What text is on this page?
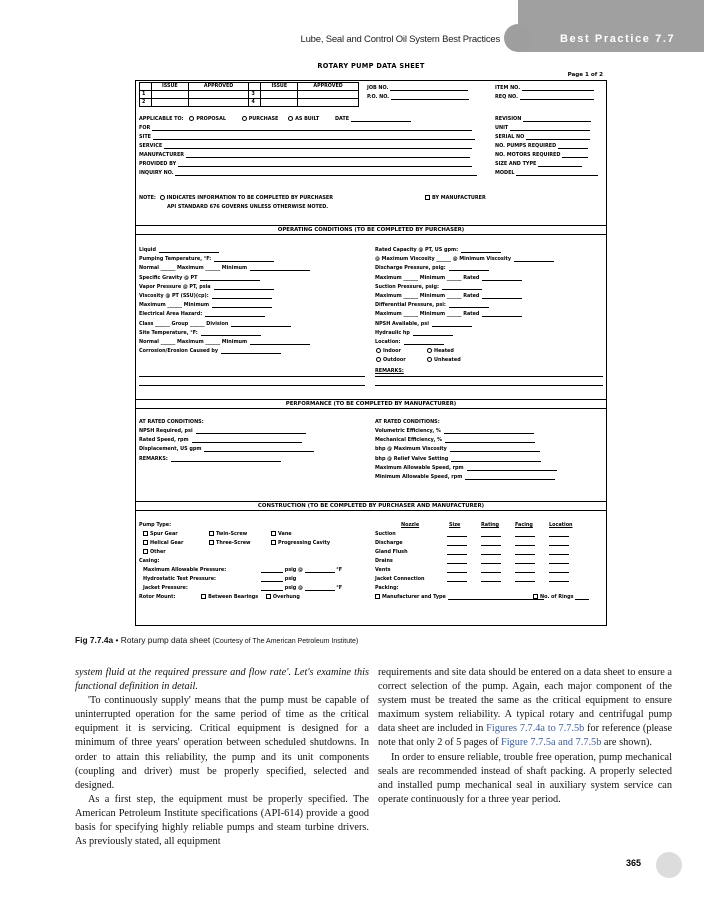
Lube, Seal and Control Oil System Best Practices	Best Practice 7.7
ROTARY PUMP DATA SHEET
Page 1 of 2
	ISSUE	APPROVED		ISSUE	APPROVED
1			3		
2			4		
JOB NO.
P.O. NO.
ITEM NO.
REQ NO.
APPLICABLE TO:	PROPOSAL	PURCHASE	AS BUILT	DATE
FOR
SITE
SERVICE
MANUFACTURER
PROVIDED BY
INQUIRY NO.
REVISION
UNIT
SERIAL NO
NO. PUMPS REQUIRED
NO. MOTORS REQUIRED
SIZE AND TYPE
MODEL
NOTE: INDICATES INFORMATION TO BE COMPLETED BY PURCHASER	BY MANUFACTURER
API STANDARD 676 GOVERNS UNLESS OTHERWISE NOTED.
OPERATING CONDITIONS (TO BE COMPLETED BY PURCHASER)
Liquid
Pumping Temperature, °F:
Normal ______ Maximum ______ Minimum
Specific Gravity @ PT
Vapor Pressure @ PT, psia
Viscosity @ PT (SSU)(cp):
Maximum ______ Minimum
Electrical Area Hazard:
Class ______ Group ______ Division
Site Temperature, °F:
Normal ______ Maximum ______ Minimum
Corrosion/Erosion Caused by
Rated Capacity @ PT, US gpm:
@ Maximum Viscosity ______ @ Minimum Viscosity
Discharge Pressure, psig:
Maximum ______ Minimum ______ Rated
Suction Pressure, psig:
Maximum ______ Minimum ______ Rated
Differential Pressure, psi:
Maximum ______ Minimum ______ Rated
NPSH Available, psi
Hydraulic hp
Location:
Indoor	Heated
Outdoor	Unheated
REMARKS:
PERFORMANCE (TO BE COMPLETED BY MANUFACTURER)
AT RATED CONDITIONS:
NPSH Required, psi
Rated Speed, rpm
Displacement, US gpm
REMARKS:
AT RATED CONDITIONS:
Volumetric Efficiency, %
Mechanical Efficiency, %
bhp @ Maximum Viscosity
bhp @ Relief Valve Setting
Maximum Allowable Speed, rpm
Minimum Allowable Speed, rpm
CONSTRUCTION (TO BE COMPLETED BY PURCHASER AND MANUFACTURER)
Pump Type:
Spur Gear	Twin-Screw	Vane
Helical Gear	Three-Screw	Progressing Cavity
Other
Casing:
Maximum Allowable Pressure:	psig @	°F
Hydrostatic Test Pressure:	psig
Jacket Pressure:	psig @	°F
Rotor Mount:	Between Bearings	Overhung
Nozzle	Size	Rating	Facing	Location
Suction
Discharge
Gland Flush
Drains
Vents
Jacket Connection
Packing:
Manufacturer and Type	No. of Rings
Fig 7.7.4a • Rotary pump data sheet (Courtesy of The American Petroleum Institute)

system fluid at the required pressure and flow rate'. Let's examine this functional definition in detail.

'To continuously supply' means that the pump must be capable of uninterrupted operation for the same period of time as the critical equipment it is servicing. Critical equipment is designed for a minimum of three years' operation between scheduled shutdowns. In order to attain this reliability, the pump and its unit components (coupling and driver) must be properly specified, selected and designed.

As a first step, the equipment must be properly specified. The American Petroleum Institute specifications (API-614) provide a good basis for specifying highly reliable pumps and steam turbine drivers. As previously stated, all equipment

requirements and site data should be entered on a data sheet to ensure a correct selection of the pump. Again, each major component of the system must be treated the same as the critical equipment to ensure maximum system reliability. A typical rotary and centrifugal pump data sheet are included in Figures 7.7.4a to 7.7.5b for reference (please note that only 2 of 5 pages of Figure 7.7.5a and 7.7.5b are shown).

In order to ensure reliable, trouble free operation, pump mechanical seals are recommended instead of shaft packing. A properly selected and installed pump mechanical seal in auxiliary system service can operate continuously for a three year period.

365
